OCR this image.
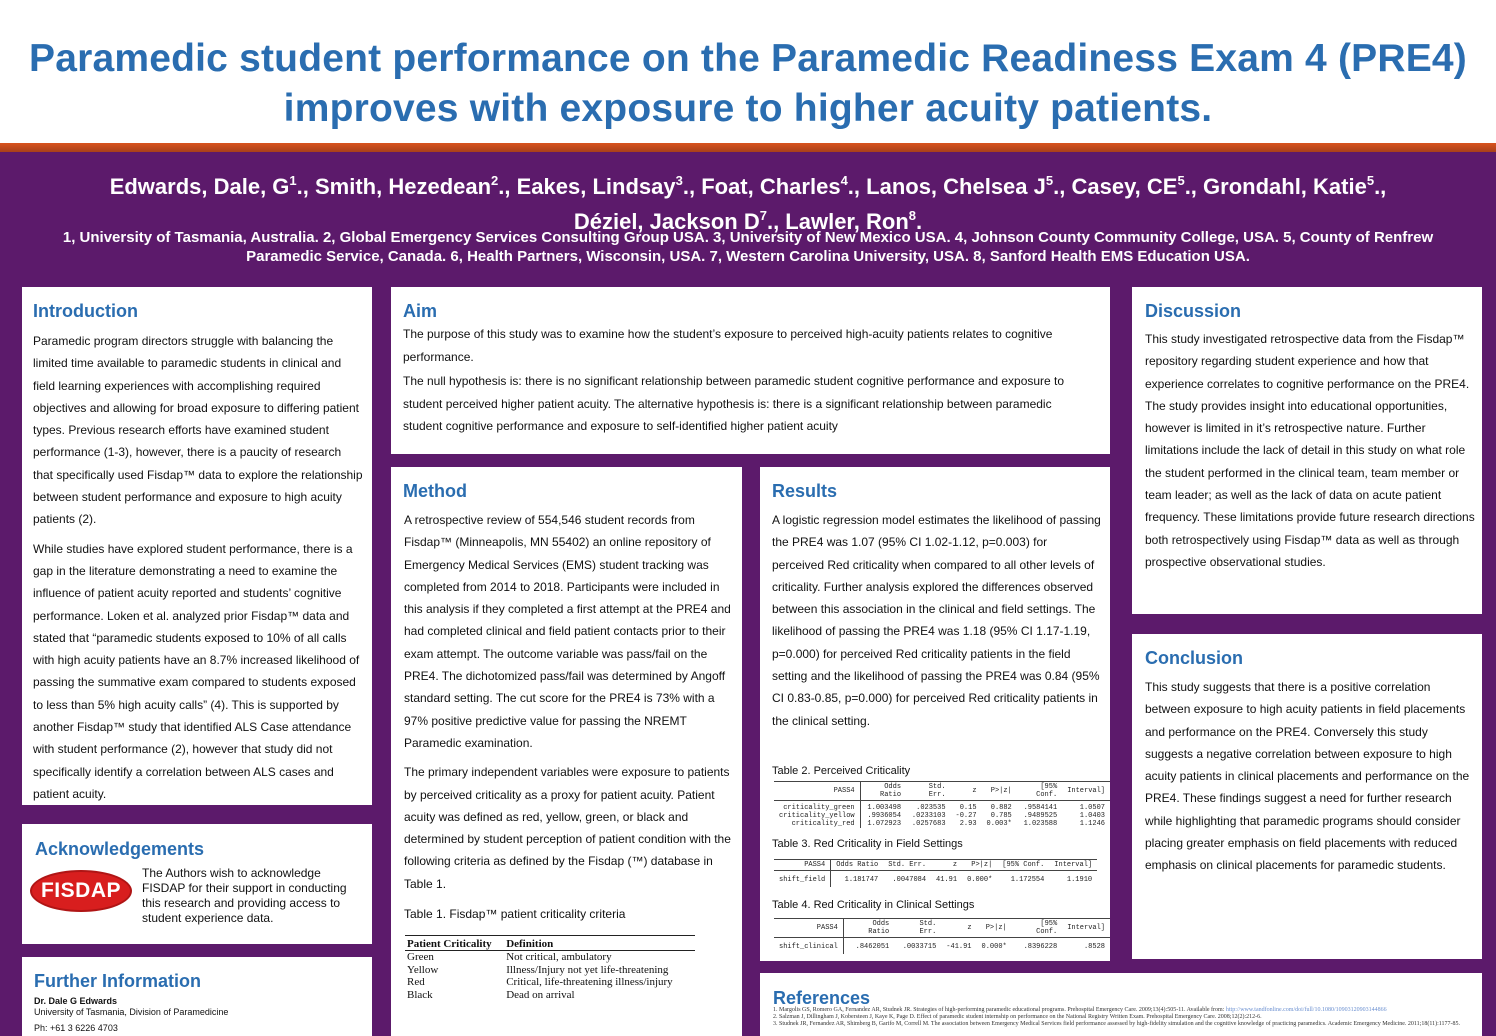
Paramedic student performance on the Paramedic Readiness Exam 4 (PRE4) improves with exposure to higher acuity patients.
Edwards, Dale, $G^1$., Smith, Hezedean$^2$., Eakes, Lindsay$^3$., Foat, Charles$^4$., Lanos, Chelsea $J^5$., Casey, $CE^5$., Grondahl, Katie$^5$.,
Déziel, Jackson $D^7$., Lawler, Ron$^8$.
1, University of Tasmania, Australia. 2, Global Emergency Services Consulting Group USA. 3, University of New Mexico USA. 4, Johnson County Community College, USA. 5, County of Renfrew Paramedic Service, Canada. 6, Health Partners, Wisconsin, USA. 7, Western Carolina University, USA. 8, Sanford Health EMS Education USA.
Introduction

Paramedic program directors struggle with balancing the limited time available to paramedic students in clinical and field learning experiences with accomplishing required objectives and allowing for broad exposure to differing patient types. Previous research efforts have examined student performance (1-3), however, there is a paucity of research that specifically used Fisdap™ data to explore the relationship between student performance and exposure to high acuity patients (2).

While studies have explored student performance, there is a gap in the literature demonstrating a need to examine the influence of patient acuity reported and students’ cognitive performance. Loken et al. analyzed prior Fisdap™ data and stated that “paramedic students exposed to 10% of all calls with high acuity patients have an 8.7% increased likelihood of passing the summative exam compared to students exposed to less than 5% high acuity calls” (4). This is supported by another Fisdap™ study that identified ALS Case attendance with student performance (2), however that study did not specifically identify a correlation between ALS cases and patient acuity.

Acknowledgements
FISDAP
The Authors wish to acknowledge FISDAP for their support in conducting this research and providing access to student experience data.
Further Information
Dr. Dale G Edwards
University of Tasmania, Division of Paramedicine
Ph: +61 3 6226 4703
Aim

The purpose of this study was to examine how the student’s exposure to perceived high-acuity patients relates to cognitive performance.

The null hypothesis is: there is no significant relationship between paramedic student cognitive performance and exposure to student perceived higher patient acuity. The alternative hypothesis is: there is a significant relationship between paramedic student cognitive performance and exposure to self-identified higher patient acuity

Method

A retrospective review of 554,546 student records from Fisdap™ (Minneapolis, MN 55402) an online repository of Emergency Medical Services (EMS) student tracking was completed from 2014 to 2018. Participants were included in this analysis if they completed a first attempt at the PRE4 and had completed clinical and field patient contacts prior to their exam attempt. The outcome variable was pass/fail on the PRE4. The dichotomized pass/fail was determined by Angoff standard setting. The cut score for the PRE4 is 73% with a 97% positive predictive value for passing the NREMT Paramedic examination.

The primary independent variables were exposure to patients by perceived criticality as a proxy for patient acuity. Patient acuity was defined as red, yellow, green, or black and determined by student perception of patient condition with the following criteria as defined by the Fisdap (™) database in Table 1.

Table 1. Fisdap™ patient criticality criteria
Patient Criticality	Definition
Green	Not critical, ambulatory
Yellow	Illness/Injury not yet life-threatening
Red	Critical, life-threatening illness/injury
Black	Dead on arrival
Results
A logistic regression model estimates the likelihood of passing the PRE4 was 1.07 (95% CI 1.02-1.12, p=0.003) for perceived Red criticality when compared to all other levels of criticality. Further analysis explored the differences observed between this association in the clinical and field settings. The likelihood of passing the PRE4 was 1.18 (95% CI 1.17-1.19, p=0.000) for perceived Red criticality patients in the field setting and the likelihood of passing the PRE4 was 0.84 (95% CI 0.83-0.85, p=0.000) for perceived Red criticality patients in the clinical setting.
Table 2. Perceived Criticality
PASS4	Odds Ratio	Std. Err.	z	P>|z|	[95% Conf.	Interval]
criticality_green	1.003498	.023535	0.15	0.882	.9584141	1.0507
criticality_yellow	.9936054	.0233103	-0.27	0.785	.9489525	1.0403
criticality_red	1.072923	.0257683	2.93	0.003*	1.023588	1.1246
Table 3. Red Criticality in Field Settings
PASS4	Odds Ratio	Std. Err.	z	P>|z|	[95% Conf.	Interval]
shift_field	1.181747	.0047084	41.91	0.000*	1.172554	1.1910
Table 4. Red Criticality in Clinical Settings
PASS4	Odds Ratio	Std. Err.	z	P>|z|	[95% Conf.	Interval]
shift_clinical	.8462051	.0033715	-41.91	0.000*	.8396228	.8528
Discussion
This study investigated retrospective data from the Fisdap™ repository regarding student experience and how that experience correlates to cognitive performance on the PRE4. The study provides insight into educational opportunities, however is limited in it’s retrospective nature. Further limitations include the lack of detail in this study on what role the student performed in the clinical team, team member or team leader; as well as the lack of data on acute patient frequency. These limitations provide future research directions both retrospectively using Fisdap™ data as well as through prospective observational studies.
Conclusion
This study suggests that there is a positive correlation between exposure to high acuity patients in field placements and performance on the PRE4. Conversely this study suggests a negative correlation between exposure to high acuity patients in clinical placements and performance on the PRE4. These findings suggest a need for further research while highlighting that paramedic programs should consider placing greater emphasis on field placements with reduced emphasis on clinical placements for paramedic students.
References
1. Margolis GS, Romero GA, Fernandez AR, Studnek JR. Strategies of high-performing paramedic educational programs. Prehospital Emergency Care. 2009;13(4):505-11. Available from: http://www.tandfonline.com/doi/full/10.1080/10903120903144866
2. Salzman J, Dillingham J, Kobersteen J, Kaye K, Page D. Effect of paramedic student internship on performance on the National Registry Written Exam. Prehospital Emergency Care. 2008;12(2):212-6.
3. Studnek JR, Fernandez AR, Shimberg B, Garifo M, Correll M. The association between Emergency Medical Services field performance assessed by high-fidelity simulation and the cognitive knowledge of practicing paramedics. Academic Emergency Medicine. 2011;18(11):1177-85.
